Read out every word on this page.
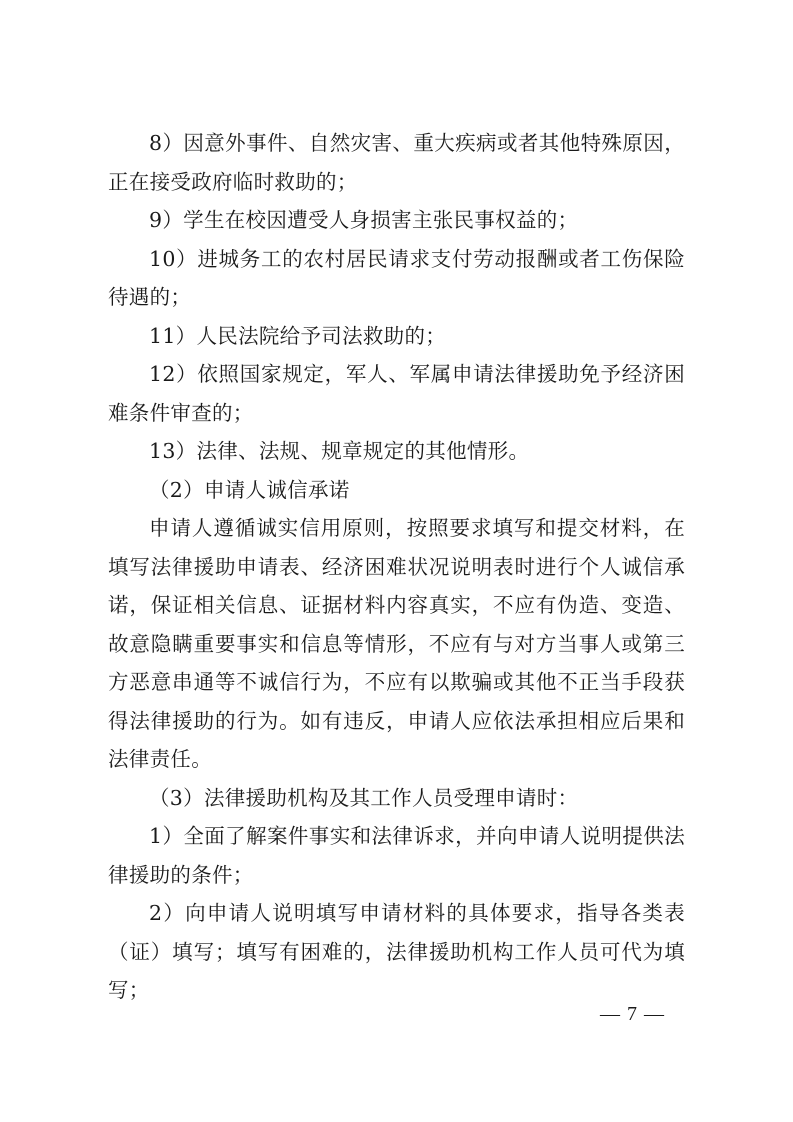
8）因意外事件、自然灾害、重大疾病或者其他特殊原因，正在接受政府临时救助的；

9）学生在校因遭受人身损害主张民事权益的；

10）进城务工的农村居民请求支付劳动报酬或者工伤保险待遇的；

11）人民法院给予司法救助的；

12）依照国家规定，军人、军属申请法律援助免予经济困难条件审查的；

13）法律、法规、规章规定的其他情形。

（2）申请人诚信承诺

申请人遵循诚实信用原则，按照要求填写和提交材料，在填写法律援助申请表、经济困难状况说明表时进行个人诚信承诺，保证相关信息、证据材料内容真实，不应有伪造、变造、故意隐瞒重要事实和信息等情形，不应有与对方当事人或第三方恶意串通等不诚信行为，不应有以欺骗或其他不正当手段获得法律援助的行为。如有违反，申请人应依法承担相应后果和法律责任。

（3）法律援助机构及其工作人员受理申请时：

1）全面了解案件事实和法律诉求，并向申请人说明提供法律援助的条件；

2）向申请人说明填写申请材料的具体要求，指导各类表（证）填写；填写有困难的，法律援助机构工作人员可代为填写；

— 7 —
